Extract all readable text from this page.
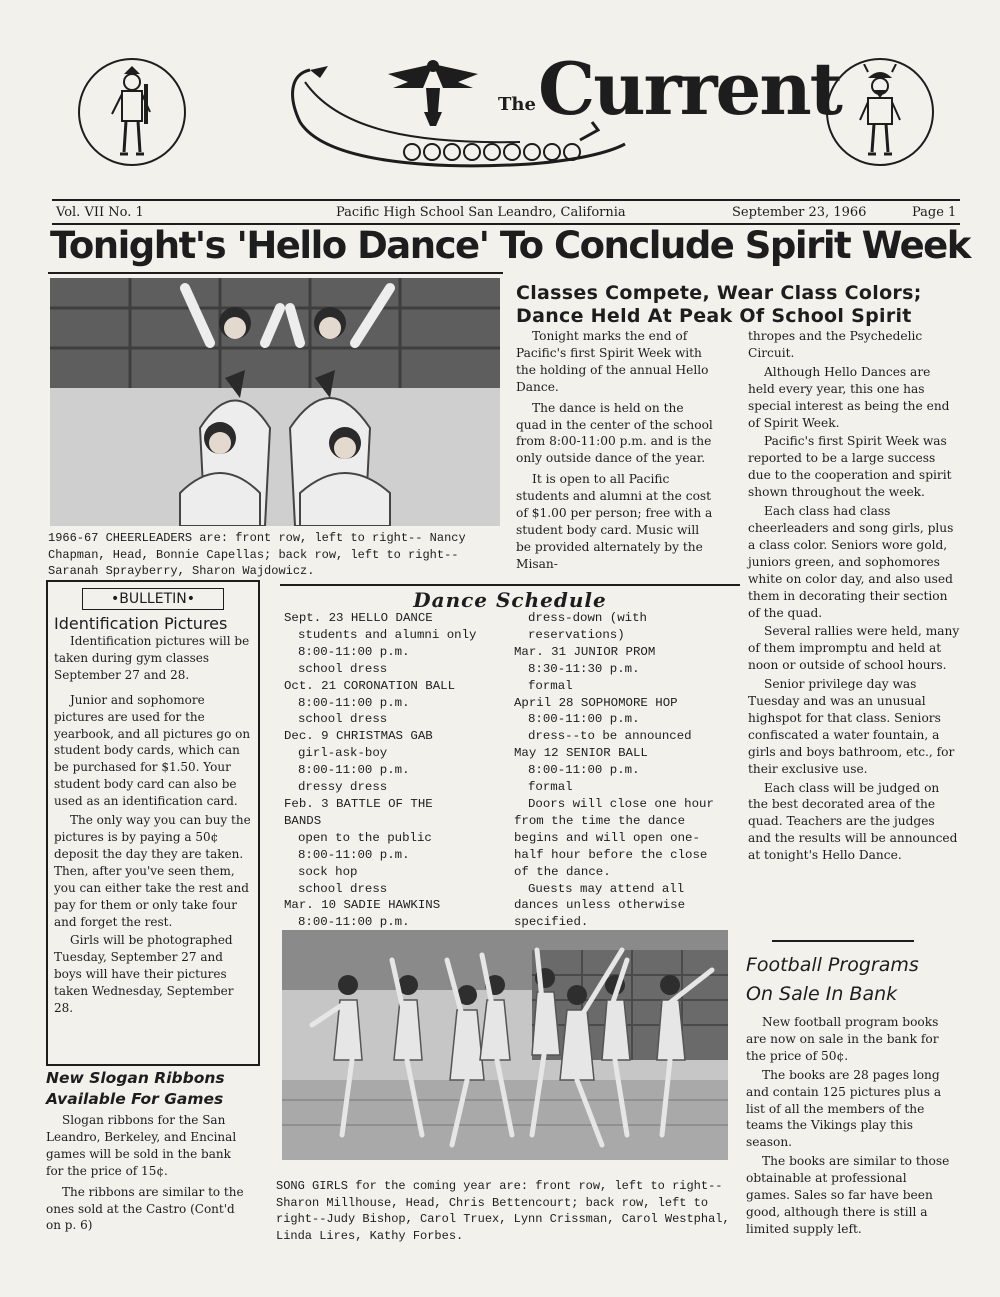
The Current
Vol. VII No. 1	Pacific High School San Leandro, California	September 23, 1966	Page 1
Tonight's 'Hello Dance' To Conclude Spirit Week
1966-67 CHEERLEADERS are: front row, left to right-- Nancy Chapman, Head, Bonnie Capellas; back row, left to right--Saranah Sprayberry, Sharon Wajdowicz.
Classes Compete, Wear Class Colors;
Dance Held At Peak Of School Spirit

Tonight marks the end of Pacific's first Spirit Week with the holding of the annual Hello Dance.

The dance is held on the quad in the center of the school from 8:00-11:00 p.m. and is the only outside dance of the year.

It is open to all Pacific students and alumni at the cost of $1.00 per person; free with a student body card. Music will be provided alternately by the Misan-

thropes and the Psychedelic Circuit.

Although Hello Dances are held every year, this one has special interest as being the end of Spirit Week.

Pacific's first Spirit Week was reported to be a large success due to the cooperation and spirit shown throughout the week.

Each class had class cheerleaders and song girls, plus a class color. Seniors wore gold, juniors green, and sophomores white on color day, and also used them in decorating their section of the quad.

Several rallies were held, many of them impromptu and held at noon or outside of school hours.

Senior privilege day was Tuesday and was an unusual highspot for that class. Seniors confiscated a water fountain, a girls and boys bathroom, etc., for their exclusive use.

Each class will be judged on the best decorated area of the quad. Teachers are the judges and the results will be announced at tonight's Hello Dance.

•BULLETIN•
Identification Pictures

Identification pictures will be taken during gym classes September 27 and 28.

Junior and sophomore pictures are used for the yearbook, and all pictures go on student body cards, which can be purchased for $1.50. Your student body card can also be used as an identification card.

The only way you can buy the pictures is by paying a 50¢ deposit the day they are taken. Then, after you've seen them, you can either take the rest and pay for them or only take four and forget the rest.

Girls will be photographed Tuesday, September 27 and boys will have their pictures taken Wednesday, September 28.

New Slogan Ribbons
Available For Games

Slogan ribbons for the San Leandro, Berkeley, and Encinal games will be sold in the bank for the price of 15¢.

The ribbons are similar to the ones sold at the Castro (Cont'd on p. 6)

Dance Schedule
Sept. 23 HELLO DANCE
students and alumni only
8:00-11:00 p.m.
school dress
Oct. 21 CORONATION BALL
8:00-11:00 p.m.
school dress
Dec. 9 CHRISTMAS GAB
girl-ask-boy
8:00-11:00 p.m.
dressy dress
Feb. 3 BATTLE OF THE BANDS
open to the public
8:00-11:00 p.m.
sock hop
school dress
Mar. 10 SADIE HAWKINS
8:00-11:00 p.m.
dress-down (with reservations)
Mar. 31 JUNIOR PROM
8:30-11:30 p.m.
formal
April 28 SOPHOMORE HOP
8:00-11:00 p.m.
dress--to be announced
May 12 SENIOR BALL
8:00-11:00 p.m.
formal

Doors will close one hour from the time the dance begins and will open one-half hour before the close of the dance.

Guests may attend all dances unless otherwise specified.

SONG GIRLS for the coming year are: front row, left to right--Sharon Millhouse, Head, Chris Bettencourt; back row, left to right--Judy Bishop, Carol Truex, Lynn Crissman, Carol Westphal, Linda Lires, Kathy Forbes.
Football Programs
On Sale In Bank

New football program books are now on sale in the bank for the price of 50¢.

The books are 28 pages long and contain 125 pictures plus a list of all the members of the teams the Vikings play this season.

The books are similar to those obtainable at professional games. Sales so far have been good, although there is still a limited supply left.
